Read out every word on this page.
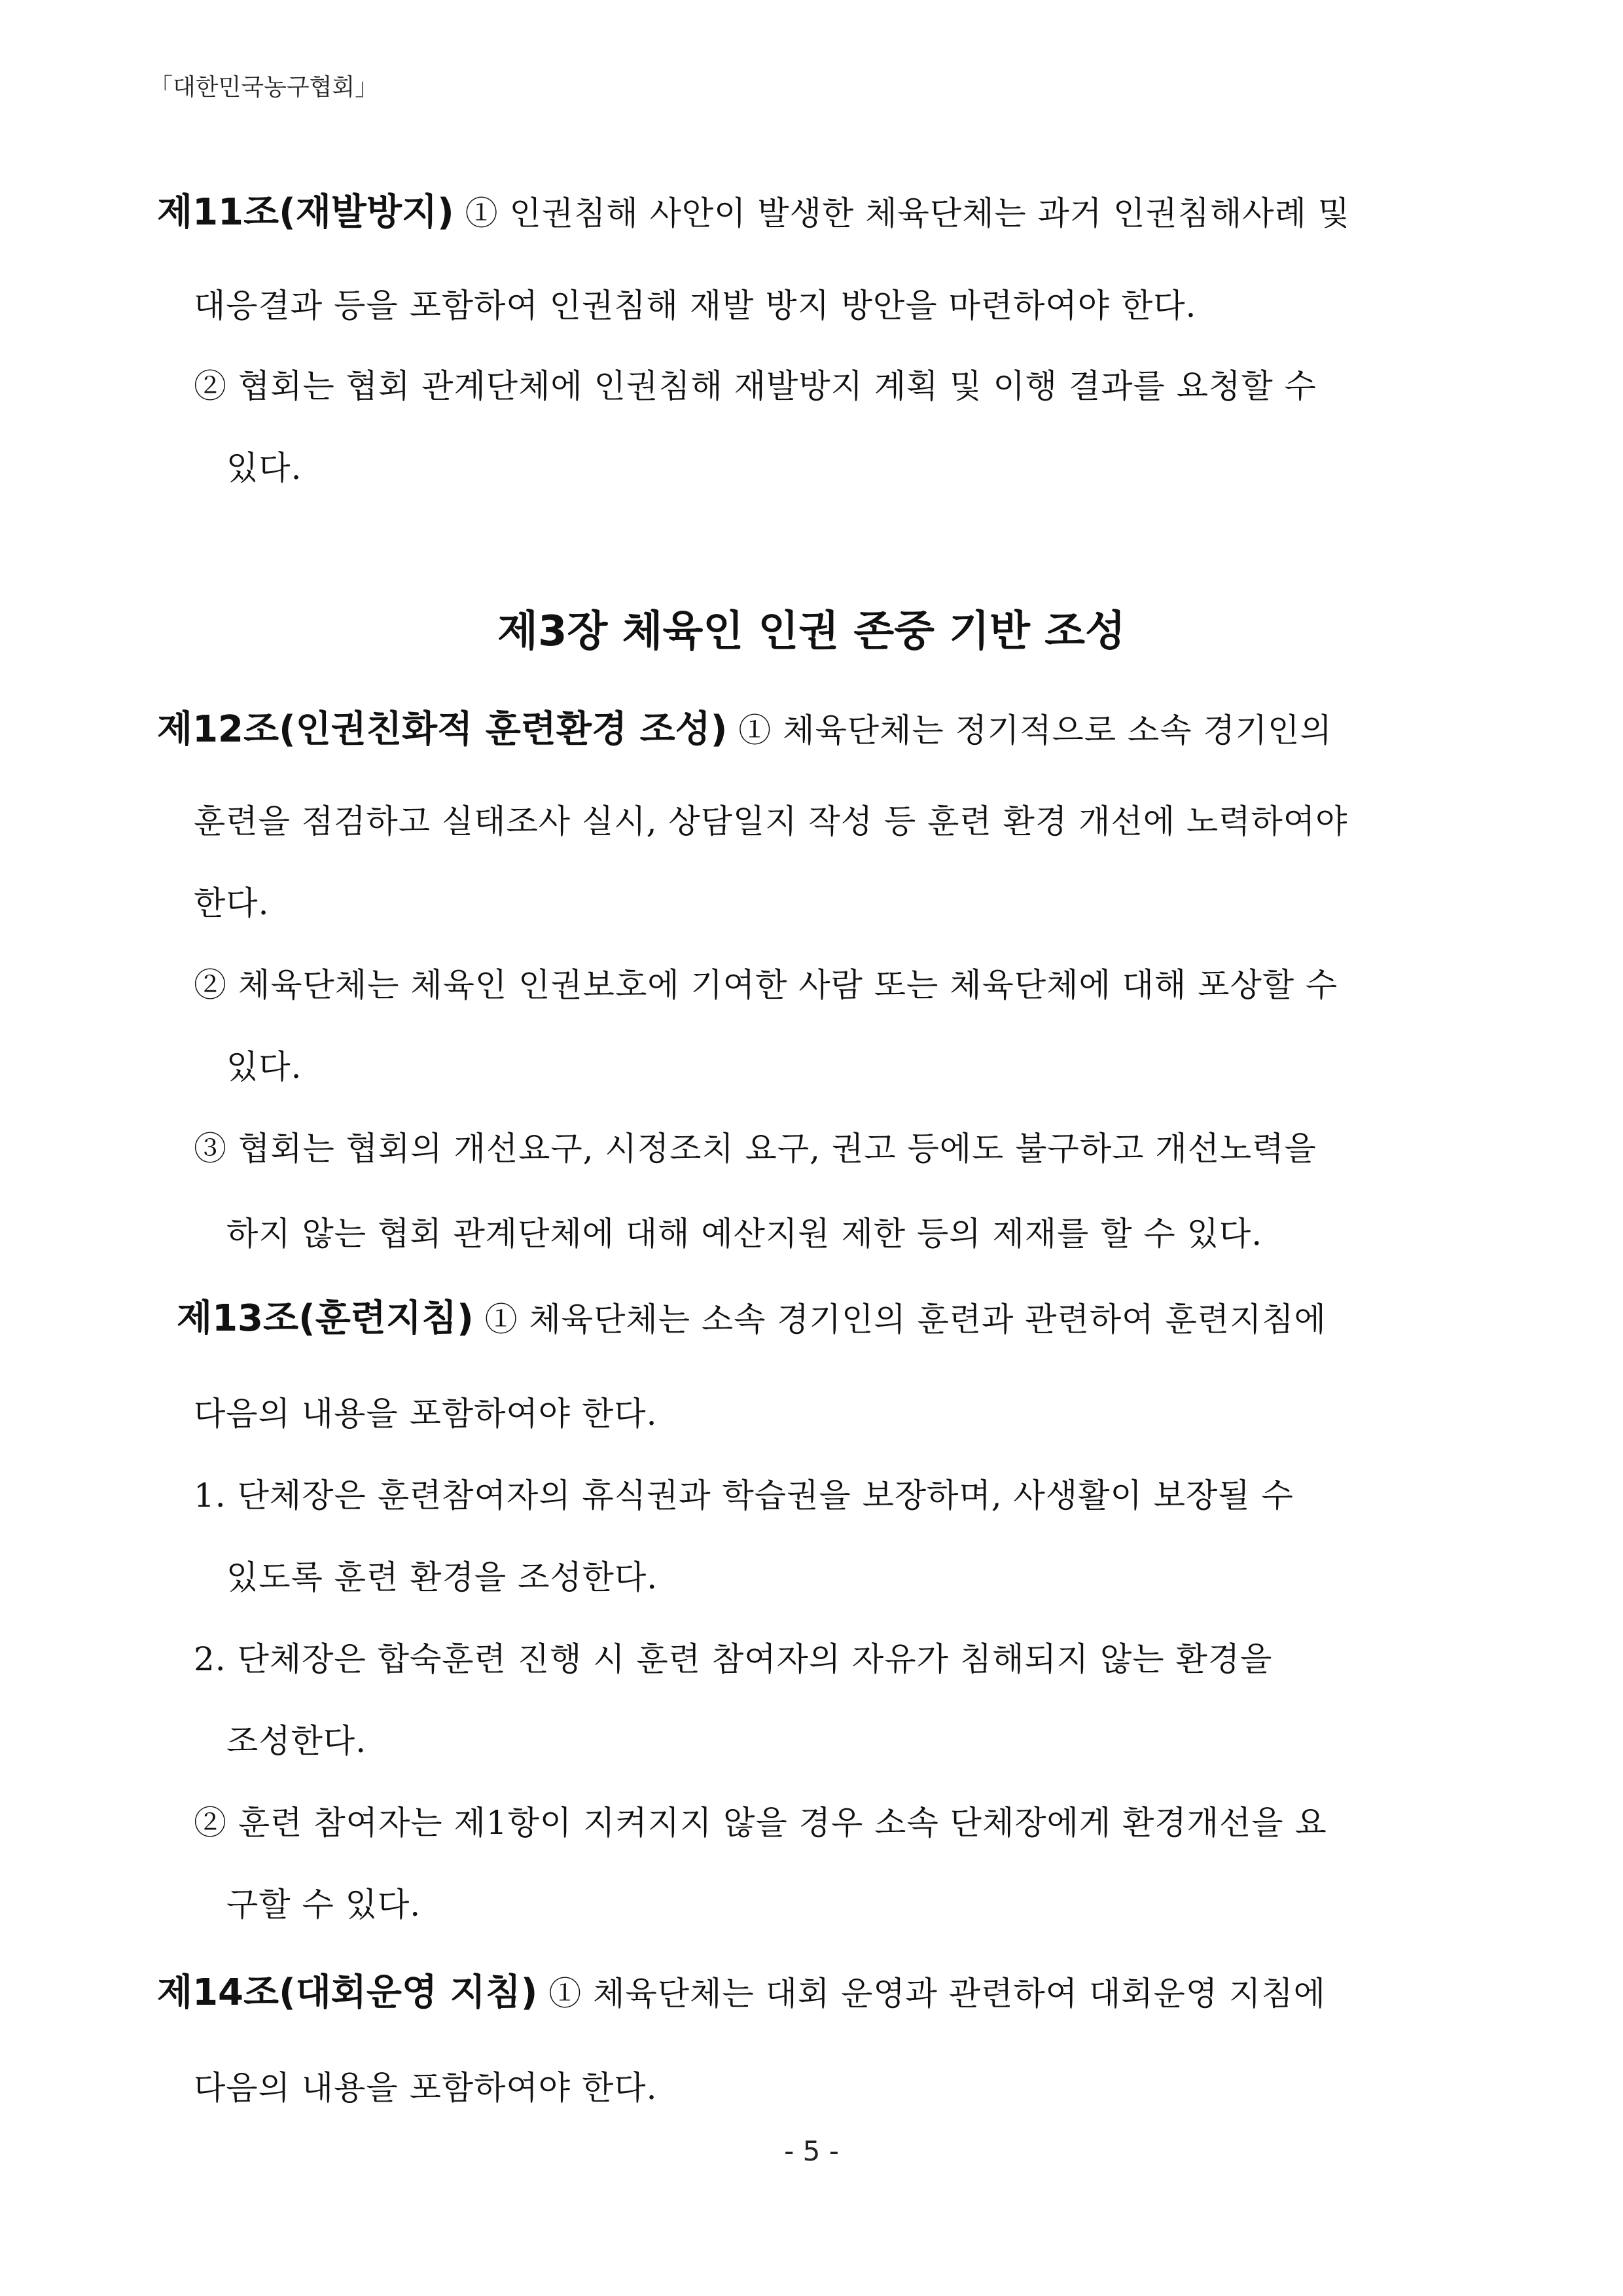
「대한민국농구협회」
제11조(재발방지) ① 인권침해 사안이 발생한 체육단체는 과거 인권침해사례 및
대응결과 등을 포함하여 인권침해 재발 방지 방안을 마련하여야 한다.
② 협회는 협회 관계단체에 인권침해 재발방지 계획 및 이행 결과를 요청할 수
있다.
제3장 체육인 인권 존중 기반 조성
제12조(인권친화적 훈련환경 조성) ① 체육단체는 정기적으로 소속 경기인의
훈련을 점검하고 실태조사 실시, 상담일지 작성 등 훈련 환경 개선에 노력하여야
한다.
② 체육단체는 체육인 인권보호에 기여한 사람 또는 체육단체에 대해 포상할 수
있다.
③ 협회는 협회의 개선요구, 시정조치 요구, 권고 등에도 불구하고 개선노력을
하지 않는 협회 관계단체에 대해 예산지원 제한 등의 제재를 할 수 있다.
제13조(훈련지침) ① 체육단체는 소속 경기인의 훈련과 관련하여 훈련지침에
다음의 내용을 포함하여야 한다.
1. 단체장은 훈련참여자의 휴식권과 학습권을 보장하며, 사생활이 보장될 수
있도록 훈련 환경을 조성한다.
2. 단체장은 합숙훈련 진행 시 훈련 참여자의 자유가 침해되지 않는 환경을
조성한다.
② 훈련 참여자는 제1항이 지켜지지 않을 경우 소속 단체장에게 환경개선을 요
구할 수 있다.
제14조(대회운영 지침) ① 체육단체는 대회 운영과 관련하여 대회운영 지침에
다음의 내용을 포함하여야 한다.
- 5 -
